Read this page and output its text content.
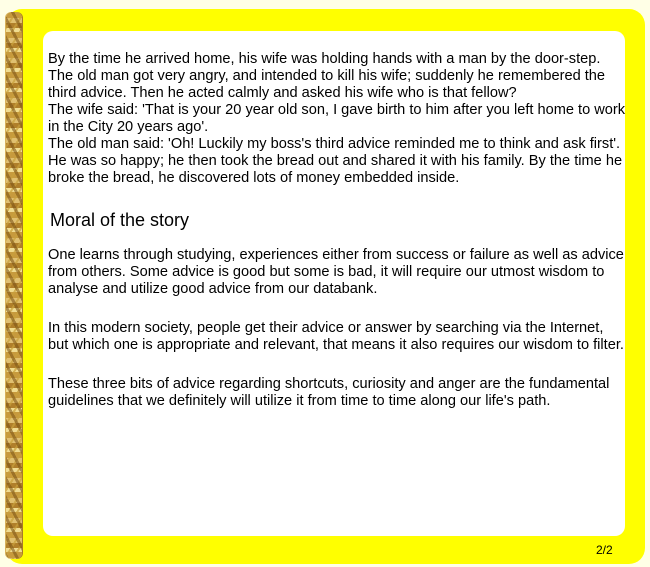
By the time he arrived home, his wife was holding hands with a man by the door-step. The old man got very angry, and intended to kill his wife; suddenly he remembered the third advice. Then he acted calmly and asked his wife who is that fellow?

The wife said: 'That is your 20 year old son, I gave birth to him after you left home to work in the City 20 years ago'.

The old man said: 'Oh! Luckily my boss's third advice reminded me to think and ask first'.

He was so happy; he then took the bread out and shared it with his family. By the time he broke the bread, he discovered lots of money embedded inside.

Moral of the story

One learns through studying, experiences either from success or failure as well as advice from others. Some advice is good but some is bad, it will require our utmost wisdom to analyse and utilize good advice from our databank.

In this modern society, people get their advice or answer by searching via the Internet, but which one is appropriate and relevant, that means it also requires our wisdom to filter.

These three bits of advice regarding shortcuts, curiosity and anger are the fundamental guidelines that we definitely will utilize it from time to time along our life's path.

2/2
